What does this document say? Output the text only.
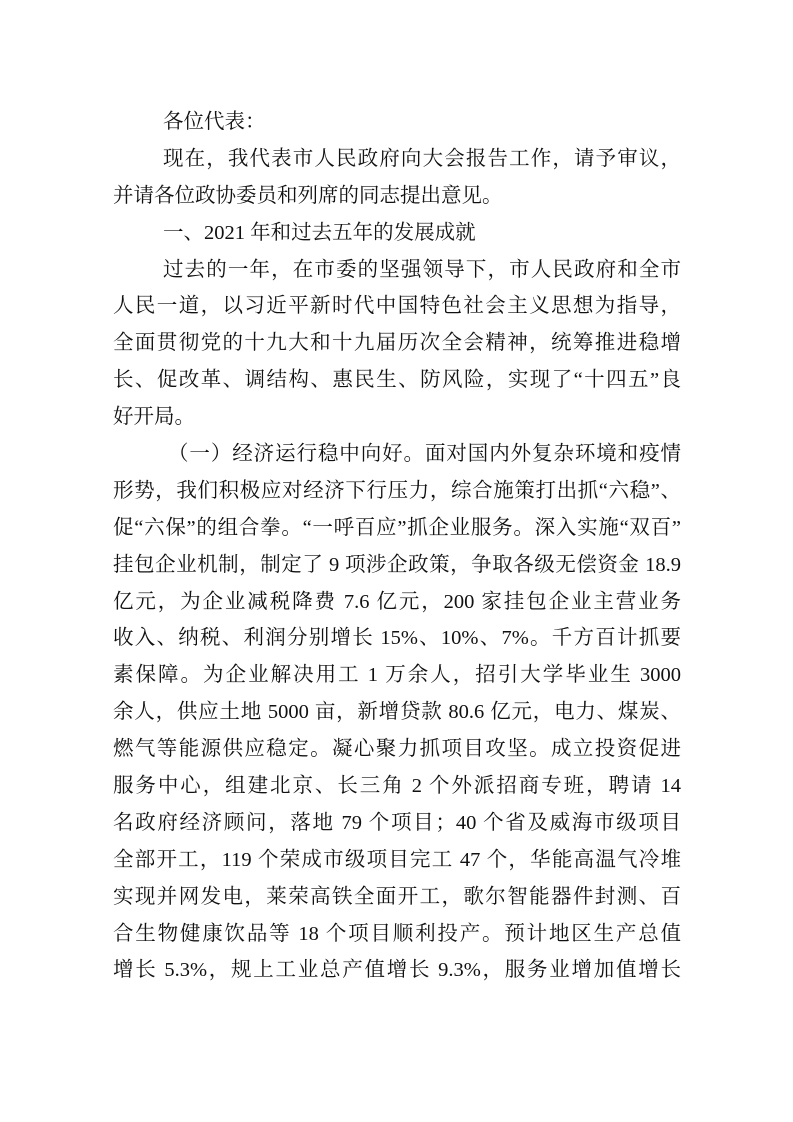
各位代表：
现在，我代表市人民政府向大会报告工作，请予审议，
并请各位政协委员和列席的同志提出意见。
一、2021 年和过去五年的发展成就
过去的一年，在市委的坚强领导下，市人民政府和全市
人民一道，以习近平新时代中国特色社会主义思想为指导，
全面贯彻党的十九大和十九届历次全会精神，统筹推进稳增
长、促改革、调结构、惠民生、防风险，实现了“十四五”良
好开局。
（一）经济运行稳中向好。面对国内外复杂环境和疫情
形势，我们积极应对经济下行压力，综合施策打出抓“六稳”、
促“六保”的组合拳。“一呼百应”抓企业服务。深入实施“双百”
挂包企业机制，制定了 9 项涉企政策，争取各级无偿资金 18.9
亿元，为企业减税降费 7.6 亿元，200 家挂包企业主营业务
收入、纳税、利润分别增长 15%、10%、7%。千方百计抓要
素保障。为企业解决用工 1 万余人，招引大学毕业生 3000
余人，供应土地 5000 亩，新增贷款 80.6 亿元，电力、煤炭、
燃气等能源供应稳定。凝心聚力抓项目攻坚。成立投资促进
服务中心，组建北京、长三角 2 个外派招商专班，聘请 14
名政府经济顾问，落地 79 个项目；40 个省及威海市级项目
全部开工，119 个荣成市级项目完工 47 个，华能高温气冷堆
实现并网发电，莱荣高铁全面开工，歌尔智能器件封测、百
合生物健康饮品等 18 个项目顺利投产。预计地区生产总值
增长 5.3%，规上工业总产值增长 9.3%，服务业增加值增长
